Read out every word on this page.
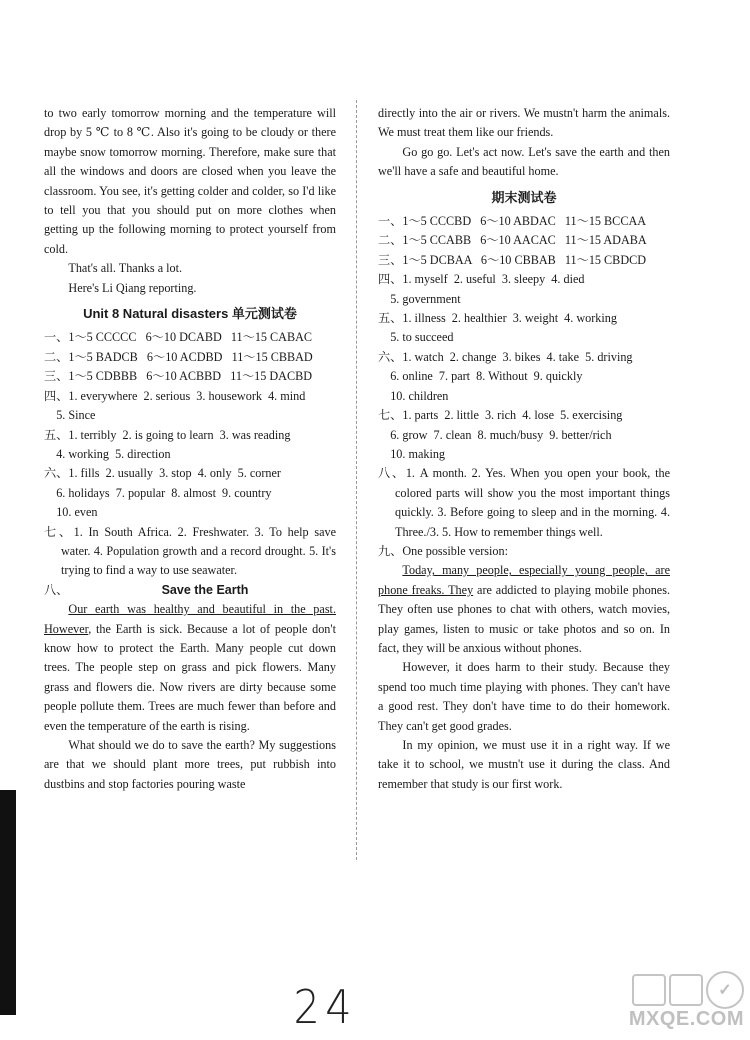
to two early tomorrow morning and the temperature will drop by 5 ℃ to 8 ℃. Also it's going to be cloudy or there maybe snow tomorrow morning. Therefore, make sure that all the windows and doors are closed when you leave the classroom. You see, it's getting colder and colder, so I'd like to tell you that you should put on more clothes when getting up the following morning to protect yourself from cold.

That's all. Thanks a lot.

Here's Li Qiang reporting.

Unit 8 Natural disasters 单元测试卷

一、1～5 CCCCC   6～10 DCABD   11～15 CABAC

二、1～5 BADCB   6～10 ACDBD   11～15 CBBAD

三、1～5 CDBBB   6～10 ACBBD   11～15 DACBD

四、1. everywhere  2. serious  3. housework  4. mind

5. Since

五、1. terribly  2. is going to learn  3. was reading

4. working  5. direction

六、1. fills  2. usually  3. stop  4. only  5. corner

6. holidays  7. popular  8. almost  9. country

10. even

七、1. In South Africa. 2. Freshwater. 3. To help save water. 4. Population growth and a record drought. 5. It's trying to find a way to use seawater.

八、	Save the Earth

Our earth was healthy and beautiful in the past. However, the Earth is sick. Because a lot of people don't know how to protect the Earth. Many people cut down trees. The people step on grass and pick flowers. Many grass and flowers die. Now rivers are dirty because some people pollute them. Trees are much fewer than before and even the temperature of the earth is rising.

What should we do to save the earth? My suggestions are that we should plant more trees, put rubbish into dustbins and stop factories pouring waste

directly into the air or rivers. We mustn't harm the animals. We must treat them like our friends.

Go go go. Let's act now. Let's save the earth and then we'll have a safe and beautiful home.

期末测试卷

一、1～5 CCCBD   6～10 ABDAC   11～15 BCCAA

二、1～5 CCABB   6～10 AACAC   11～15 ADABA

三、1～5 DCBAA   6～10 CBBAB   11～15 CBDCD

四、1. myself  2. useful  3. sleepy  4. died

5. government

五、1. illness  2. healthier  3. weight  4. working

5. to succeed

六、1. watch  2. change  3. bikes  4. take  5. driving

6. online  7. part  8. Without  9. quickly

10. children

七、1. parts  2. little  3. rich  4. lose  5. exercising

6. grow  7. clean  8. much/busy  9. better/rich

10. making

八、1. A month. 2. Yes. When you open your book, the colored parts will show you the most important things quickly. 3. Before going to sleep and in the morning. 4. Three./3. 5. How to remember things well.

九、One possible version:

Today, many people, especially young people, are phone freaks. They are addicted to playing mobile phones. They often use phones to chat with others, watch movies, play games, listen to music or take photos and so on. In fact, they will be anxious without phones.

However, it does harm to their study. Because they spend too much time playing with phones. They can't have a good rest. They don't have time to do their homework. They can't get good grades.

In my opinion, we must use it in a right way. If we take it to school, we mustn't use it during the class. And remember that study is our first work.

24	✓
MXQE.COM
